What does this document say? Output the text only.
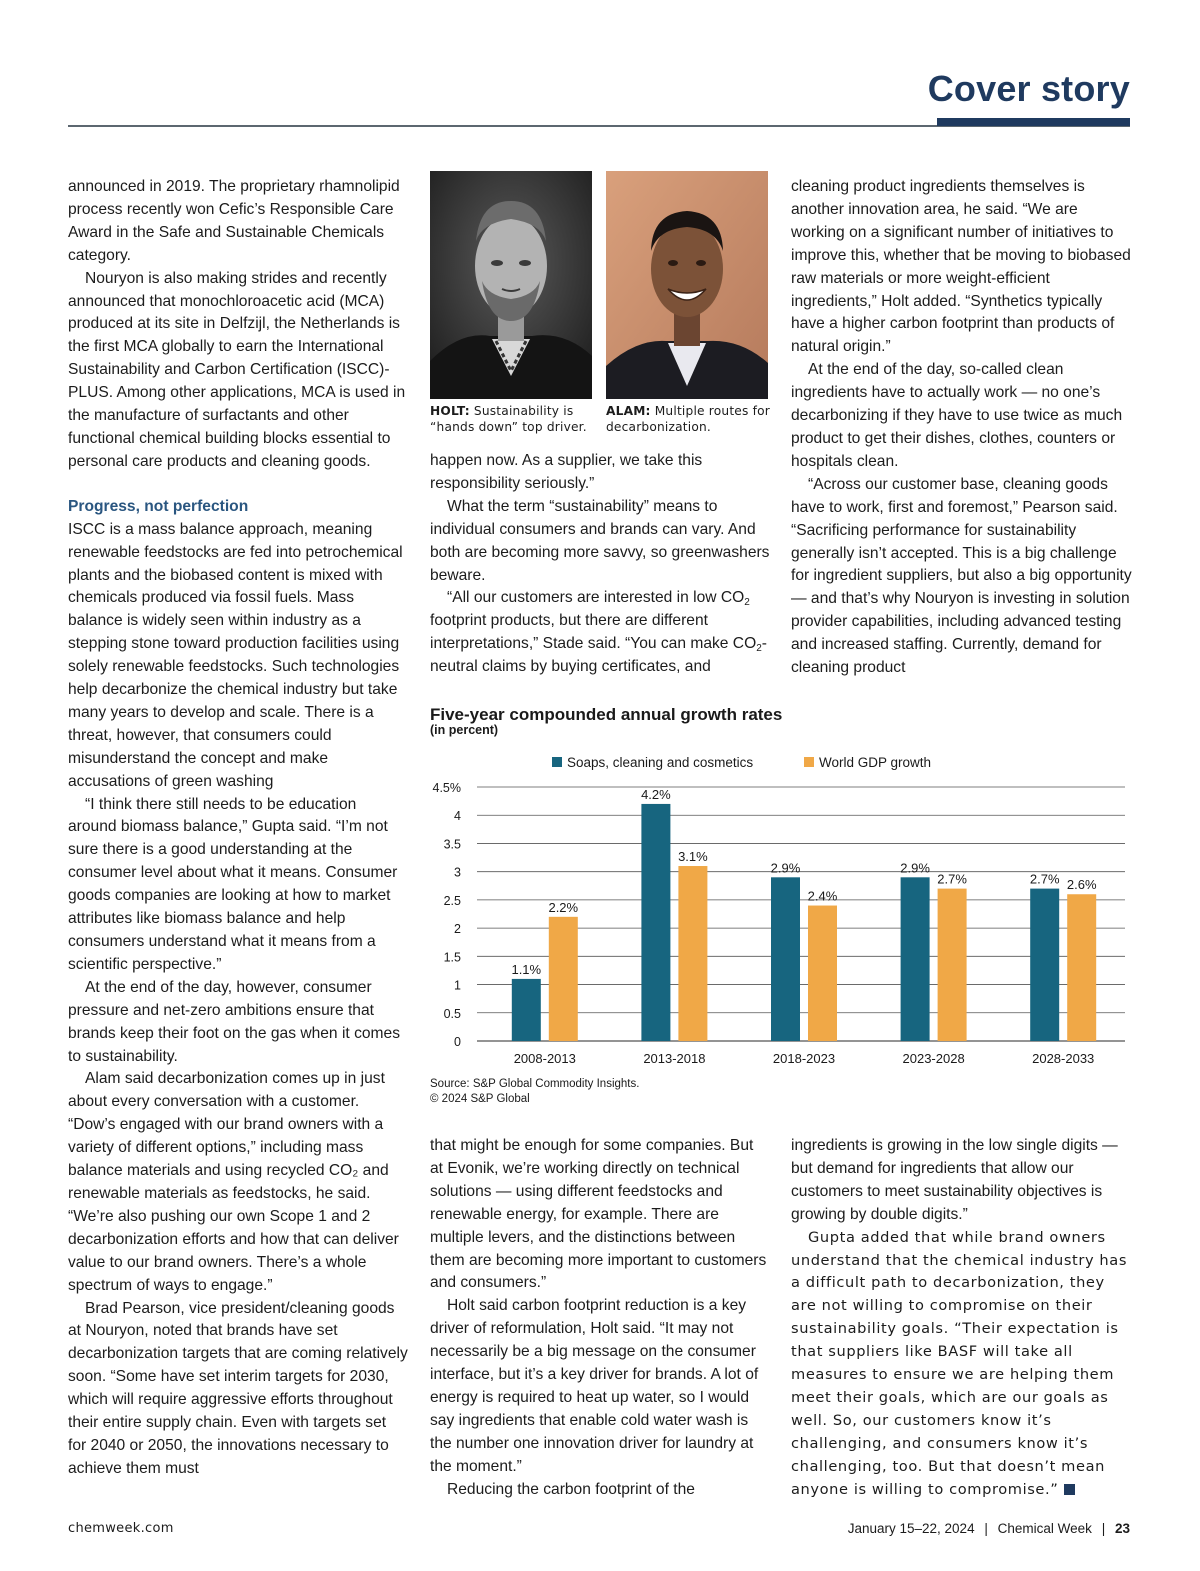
Cover story

announced in 2019. The proprietary rhamnolipid process recently won Cefic’s Responsible Care Award in the Safe and Sustainable Chemicals category.

Nouryon is also making strides and recently announced that monochloroacetic acid (MCA) produced at its site in Delfzijl, the Netherlands is the first MCA globally to earn the International Sustainability and Carbon Certification (ISCC)-PLUS. Among other applications, MCA is used in the manufacture of surfactants and other functional chemical building blocks essential to personal care products and cleaning goods.

Progress, not perfection

ISCC is a mass balance approach, meaning renewable feedstocks are fed into petrochemical plants and the biobased content is mixed with chemicals produced via fossil fuels. Mass balance is widely seen within industry as a stepping stone toward production facilities using solely renewable feedstocks. Such technologies help decarbonize the chemical industry but take many years to develop and scale. There is a threat, however, that consumers could misunderstand the concept and make accusations of green washing

“I think there still needs to be education around biomass balance,” Gupta said. “I’m not sure there is a good understanding at the consumer level about what it means. Consumer goods companies are looking at how to market attributes like biomass balance and help consumers understand what it means from a scientific perspective.”

At the end of the day, however, consumer pressure and net-zero ambitions ensure that brands keep their foot on the gas when it comes to sustainability.

Alam said decarbonization comes up in just about every conversation with a customer. “Dow’s engaged with our brand owners with a variety of different options,” including mass balance materials and using recycled CO₂ and renewable materials as feedstocks, he said. “We’re also pushing our own Scope 1 and 2 decarbonization efforts and how that can deliver value to our brand owners. There’s a whole spectrum of ways to engage.”

Brad Pearson, vice president/cleaning goods at Nouryon, noted that brands have set decarbonization targets that are coming relatively soon. “Some have set interim targets for 2030, which will require aggressive efforts throughout their entire supply chain. Even with targets set for 2040 or 2050, the innovations necessary to achieve them must

HOLT: Sustainability is “hands down” top driver.
ALAM: Multiple routes for decarbonization.

happen now. As a supplier, we take this responsibility seriously.”

What the term “sustainability” means to individual consumers and brands can vary. And both are becoming more savvy, so greenwashers beware.

“All our customers are interested in low $CO_2$ footprint products, but there are different interpretations,” Stade said. “You can make $CO_2$-neutral claims by buying certificates, and

cleaning product ingredients themselves is another innovation area, he said. “We are working on a significant number of initiatives to improve this, whether that be moving to biobased raw materials or more weight-efficient ingredients,” Holt added. “Synthetics typically have a higher carbon footprint than products of natural origin.”

At the end of the day, so-called clean ingredients have to actually work — no one’s decarbonizing if they have to use twice as much product to get their dishes, clothes, counters or hospitals clean.

“Across our customer base, cleaning goods have to work, first and foremost,” Pearson said. “Sacrificing performance for sustainability generally isn’t accepted. This is a big challenge for ingredient suppliers, but also a big opportunity — and that’s why Nouryon is investing in solution provider capabilities, including advanced testing and increased staffing. Currently, demand for cleaning product

Five-year compounded annual growth rates
(in percent)
0
0.5
1
1.5
2
2.5
3
3.5
4
4.5%
Soaps, cleaning and cosmetics	World GDP growth
1.1%
2.2%
2008-2013
4.2%
3.1%
2013-2018
2.9%
2.4%
2018-2023
2.9%
2.7%
2023-2028
2.7% 2.6%
2028-2033
Source: S&P Global Commodity Insights.
© 2024 S&P Global

that might be enough for some companies. But at Evonik, we’re working directly on technical solutions — using different feedstocks and renewable energy, for example. There are multiple levers, and the distinctions between them are becoming more important to customers and consumers.”

Holt said carbon footprint reduction is a key driver of reformulation, Holt said. “It may not necessarily be a big message on the consumer interface, but it’s a key driver for brands. A lot of energy is required to heat up water, so I would say ingredients that enable cold water wash is the number one innovation driver for laundry at the moment.”

Reducing the carbon footprint of the

ingredients is growing in the low single digits — but demand for ingredients that allow our customers to meet sustainability objectives is growing by double digits.”

Gupta added that while brand owners understand that the chemical industry has a difficult path to decarbonization, they are not willing to compromise on their sustainability goals. “Their expectation is that suppliers like BASF will take all measures to ensure we are helping them meet their goals, which are our goals as well. So, our customers know it’s challenging, and consumers know it’s challenging, too. But that doesn’t mean anyone is willing to compromise.”

chemweek.com	January 15–22, 2024 | Chemical Week | 23
